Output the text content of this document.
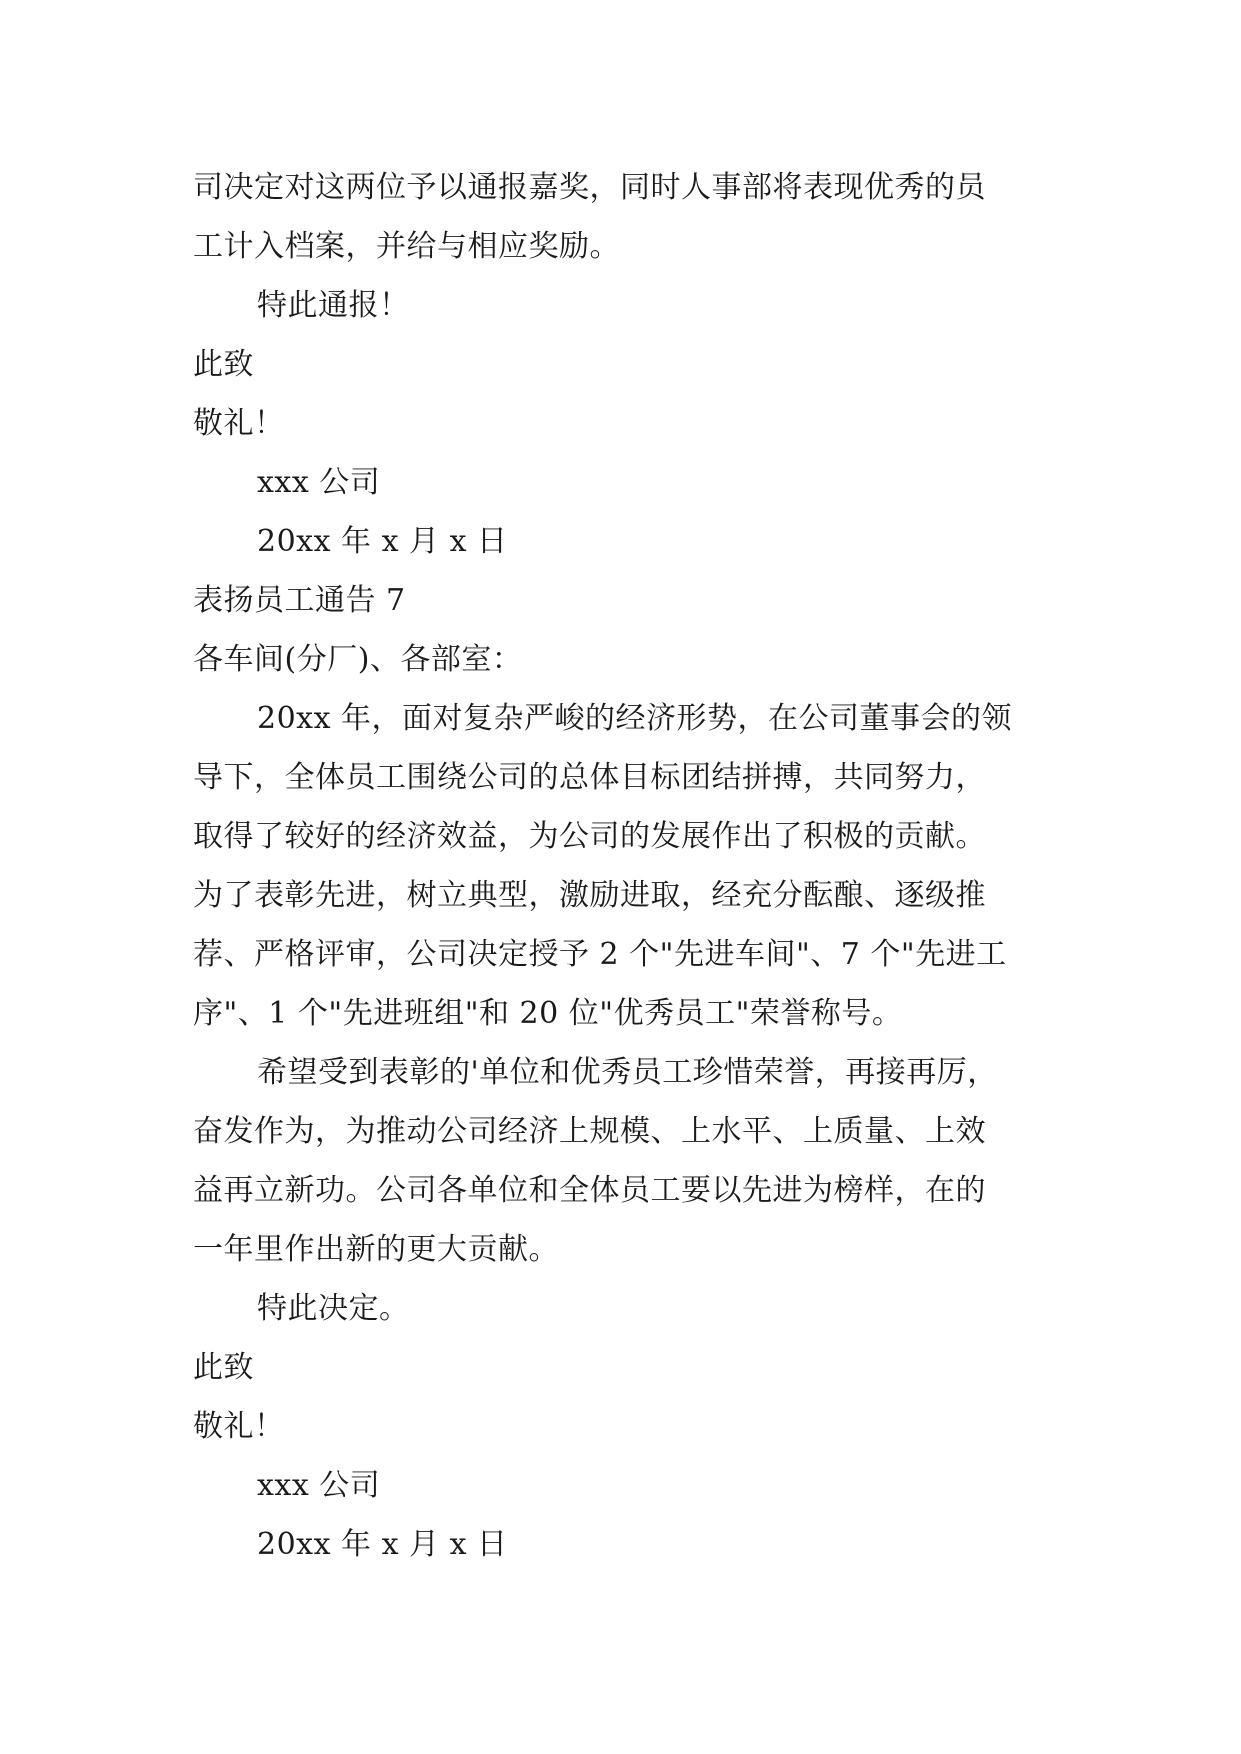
司决定对这两位予以通报嘉奖，同时人事部将表现优秀的员
工计入档案，并给与相应奖励。
特此通报！
此致
敬礼！
xxx 公司
20xx 年 x 月 x 日
表扬员工通告 7
各车间(分厂)、各部室：
20xx 年，面对复杂严峻的经济形势，在公司董事会的领
导下，全体员工围绕公司的总体目标团结拼搏，共同努力，
取得了较好的经济效益，为公司的发展作出了积极的贡献。
为了表彰先进，树立典型，激励进取，经充分酝酿、逐级推
荐、严格评审，公司决定授予 2 个"先进车间"、7 个"先进工
序"、1 个"先进班组"和 20 位"优秀员工"荣誉称号。
希望受到表彰的'单位和优秀员工珍惜荣誉，再接再厉，
奋发作为，为推动公司经济上规模、上水平、上质量、上效
益再立新功。公司各单位和全体员工要以先进为榜样，在的
一年里作出新的更大贡献。
特此决定。
此致
敬礼！
xxx 公司
20xx 年 x 月 x 日
